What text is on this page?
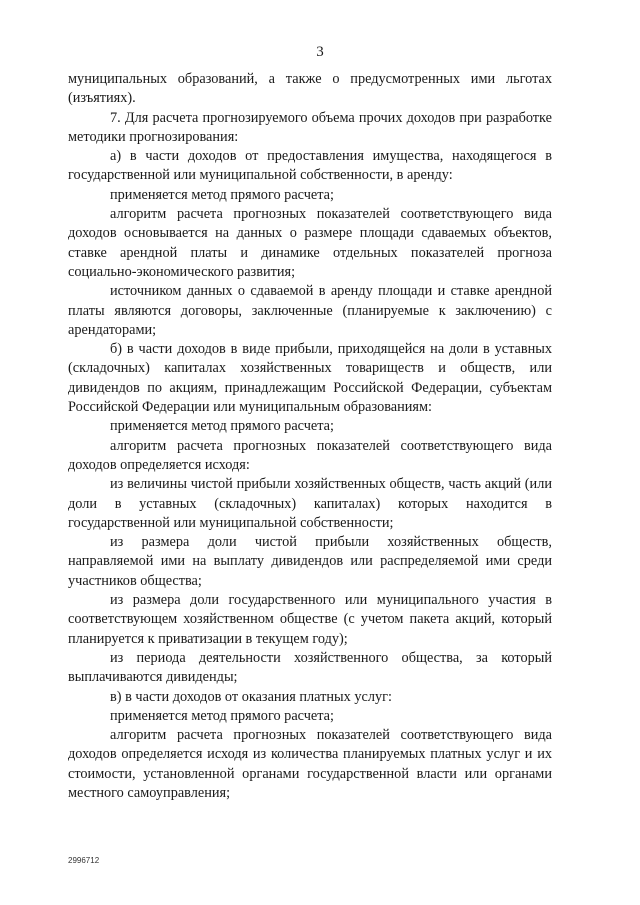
3

муниципальных образований, а также о предусмотренных ими льготах (изъятиях).

7. Для расчета прогнозируемого объема прочих доходов при разработке методики прогнозирования:

а) в части доходов от предоставления имущества, находящегося в государственной или муниципальной собственности, в аренду:

применяется метод прямого расчета;

алгоритм расчета прогнозных показателей соответствующего вида доходов основывается на данных о размере площади сдаваемых объектов, ставке арендной платы и динамике отдельных показателей прогноза социально-экономического развития;

источником данных о сдаваемой в аренду площади и ставке арендной платы являются договоры, заключенные (планируемые к заключению) с арендаторами;

б) в части доходов в виде прибыли, приходящейся на доли в уставных (складочных) капиталах хозяйственных товариществ и обществ, или дивидендов по акциям, принадлежащим Российской Федерации, субъектам Российской Федерации или муниципальным образованиям:

применяется метод прямого расчета;

алгоритм расчета прогнозных показателей соответствующего вида доходов определяется исходя:

из величины чистой прибыли хозяйственных обществ, часть акций (или доли в уставных (складочных) капиталах) которых находится в государственной или муниципальной собственности;

из размера доли чистой прибыли хозяйственных обществ, направляемой ими на выплату дивидендов или распределяемой ими среди участников общества;

из размера доли государственного или муниципального участия в соответствующем хозяйственном обществе (с учетом пакета акций, который планируется к приватизации в текущем году);

из периода деятельности хозяйственного общества, за который выплачиваются дивиденды;

в) в части доходов от оказания платных услуг:

применяется метод прямого расчета;

алгоритм расчета прогнозных показателей соответствующего вида доходов определяется исходя из количества планируемых платных услуг и их стоимости, установленной органами государственной власти или органами местного самоуправления;

2996712
